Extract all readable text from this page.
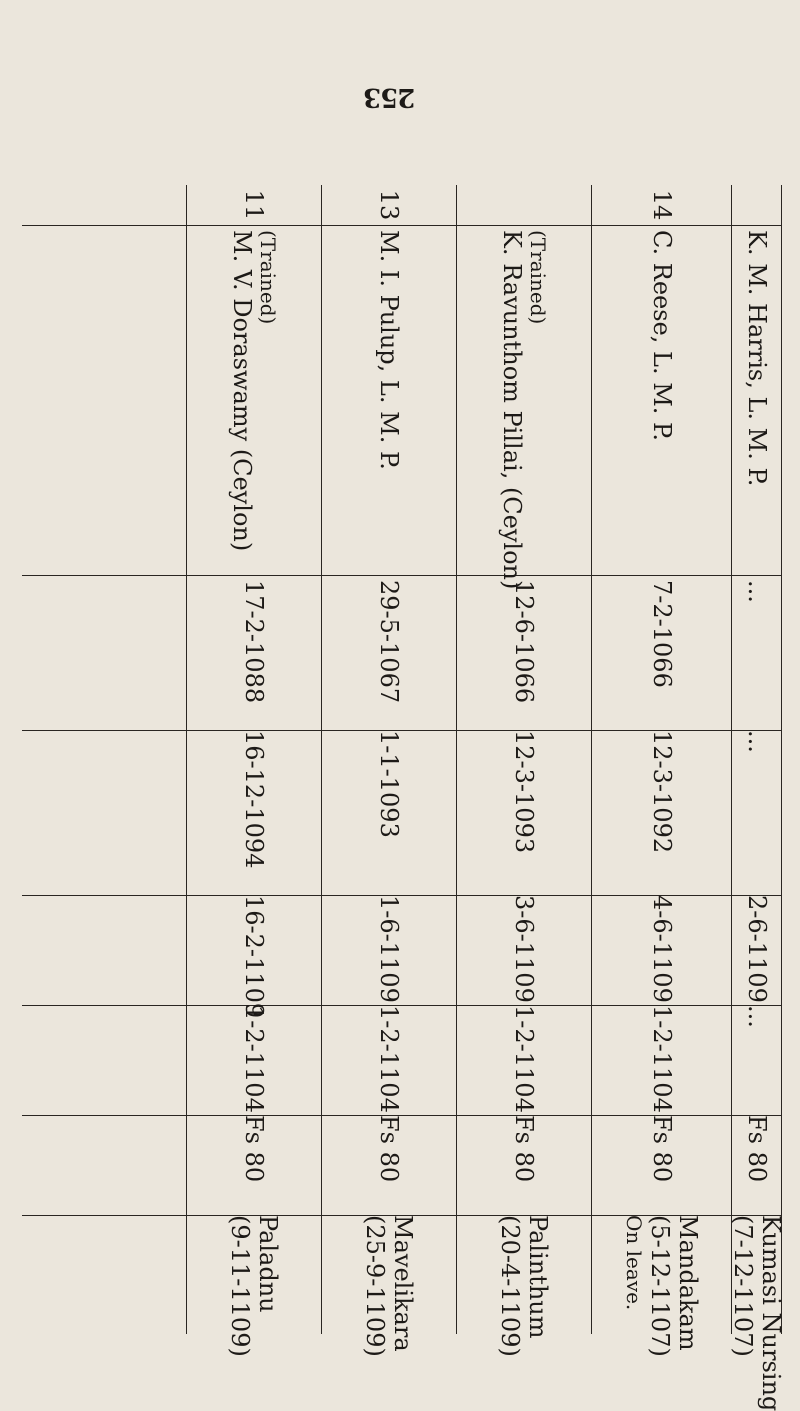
253
K. M. Harris, L. M. P.
...
...
2-6-1109
...
Fs 80
Kumasi Nursing
(7-12-1107)
14
C. Reese, L. M. P.
7-2-1066
12-3-1092
4-6-1109
1-2-1104
Fs 80
Mandakam
(5-12-1107)
On leave.
(Trained)
K. Ravunthom Pillai, (Ceylon)
12-6-1066
12-3-1093
3-6-1109
1-2-1104
Fs 80
Palinthum
(20-4-1109)
13
M. I. Pulup, L. M. P.
29-5-1067
1-1-1093
1-6-1109
1-2-1104
Fs 80
Mavelikara
(25-9-1109)
11
(Trained)
M. V. Doraswamy (Ceylon)
17-2-1088
16-12-1094
16-2-1109
1-2-1104
Fs 80
Paladnu
(9-11-1109)
